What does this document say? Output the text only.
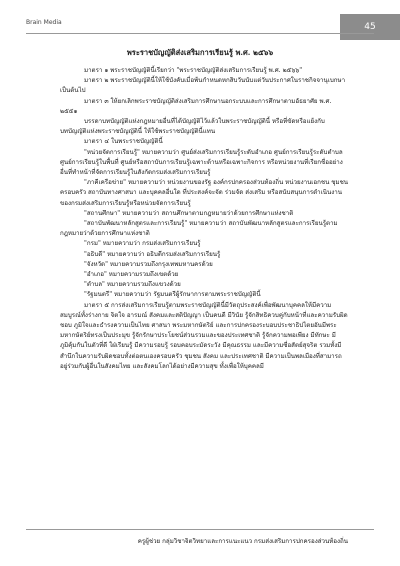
Brain Media	45
พระราชบัญญัติส่งเสริมการเรียนรู้ พ.ศ. ๒๕๖๖

มาตรา ๑ พระราชบัญญัตินี้เรียกว่า "พระราชบัญญัติส่งเสริมการเรียนรู้ พ.ศ. ๒๕๖๖"

มาตรา ๒ พระราชบัญญัตินี้ให้ใช้บังคับเมื่อพ้นกำหนดหกสิบวันนับแต่วันประกาศในราชกิจจานุเบกษาเป็นต้นไป

มาตรา ๓ ให้ยกเลิกพระราชบัญญัติส่งเสริมการศึกษานอกระบบและการศึกษาตามอัธยาศัย พ.ศ. ๒๕๕๑

บรรดาบทบัญญัติแห่งกฎหมายอื่นที่ได้บัญญัติไว้แล้วในพระราชบัญญัตินี้ หรือที่ขัดหรือแย้งกับบทบัญญัติแห่งพระราชบัญญัตินี้ ให้ใช้พระราชบัญญัตินี้แทน

มาตรา ๔ ในพระราชบัญญัตินี้

"หน่วยจัดการเรียนรู้" หมายความว่า ศูนย์ส่งเสริมการเรียนรู้ระดับอำเภอ ศูนย์การเรียนรู้ระดับตำบล ศูนย์การเรียนรู้ในพื้นที่ ศูนย์หรือสถาบันการเรียนรู้เฉพาะด้านหรือเฉพาะกิจการ หรือหน่วยงานที่เรียกชื่ออย่างอื่นที่ทำหน้าที่จัดการเรียนรู้ในสังกัดกรมส่งเสริมการเรียนรู้

"ภาคีเครือข่าย" หมายความว่า หน่วยงานของรัฐ องค์กรปกครองส่วนท้องถิ่น หน่วยงานเอกชน ชุมชน ครอบครัว สถาบันทางศาสนา และบุคคลอื่นใด ที่ประสงค์จะจัด ร่วมจัด ส่งเสริม หรือสนับสนุนการดำเนินงานของกรมส่งเสริมการเรียนรู้หรือหน่วยจัดการเรียนรู้

"สถานศึกษา" หมายความว่า สถานศึกษาตามกฎหมายว่าด้วยการศึกษาแห่งชาติ

"สถาบันพัฒนาหลักสูตรและการเรียนรู้" หมายความว่า สถาบันพัฒนาหลักสูตรและการเรียนรู้ตามกฎหมายว่าด้วยการศึกษาแห่งชาติ

"กรม" หมายความว่า กรมส่งเสริมการเรียนรู้

"อธิบดี" หมายความว่า อธิบดีกรมส่งเสริมการเรียนรู้

"จังหวัด" หมายความรวมถึงกรุงเทพมหานครด้วย

"อำเภอ" หมายความรวมถึงเขตด้วย

"ตำบล" หมายความรวมถึงแขวงด้วย

"รัฐมนตรี" หมายความว่า รัฐมนตรีผู้รักษาการตามพระราชบัญญัตินี้

มาตรา ๕ การส่งเสริมการเรียนรู้ตามพระราชบัญญัตินี้มีวัตถุประสงค์เพื่อพัฒนาบุคคลให้มีความสมบูรณ์ทั้งร่างกาย จิตใจ อารมณ์ สังคมและสติปัญญา เป็นคนดี มีวินัย รู้จักสิทธิควบคู่กับหน้าที่และความรับผิดชอบ ภูมิใจและธำรงความเป็นไทย ศาสนา พระมหากษัตริย์ และการปกครองระบอบประชาธิปไตยอันมีพระมหากษัตริย์ทรงเป็นประมุข รู้จักรักษาประโยชน์ส่วนรวมและของประเทศชาติ รู้จักความพอเพียง มีทักษะ มีภูมิคุ้มกันในตัวที่ดี ใฝ่เรียนรู้ มีความรอบรู้ รอบคอบระมัดระวัง มีคุณธรรม และมีความซื่อสัตย์สุจริต รวมทั้งมีสำนึกในความรับผิดชอบทั้งต่อตนเองครอบครัว ชุมชน สังคม และประเทศชาติ มีความเป็นพลเมืองที่สามารถอยู่ร่วมกับผู้อื่นในสังคมไทย และสังคมโลกได้อย่างมีความสุข ทั้งเพื่อให้บุคคลมี

ครูผู้ช่วย กลุ่มวิชาจิตวิทยาและการแนะแนว กรมส่งเสริมการปกครองส่วนท้องถิ่น
